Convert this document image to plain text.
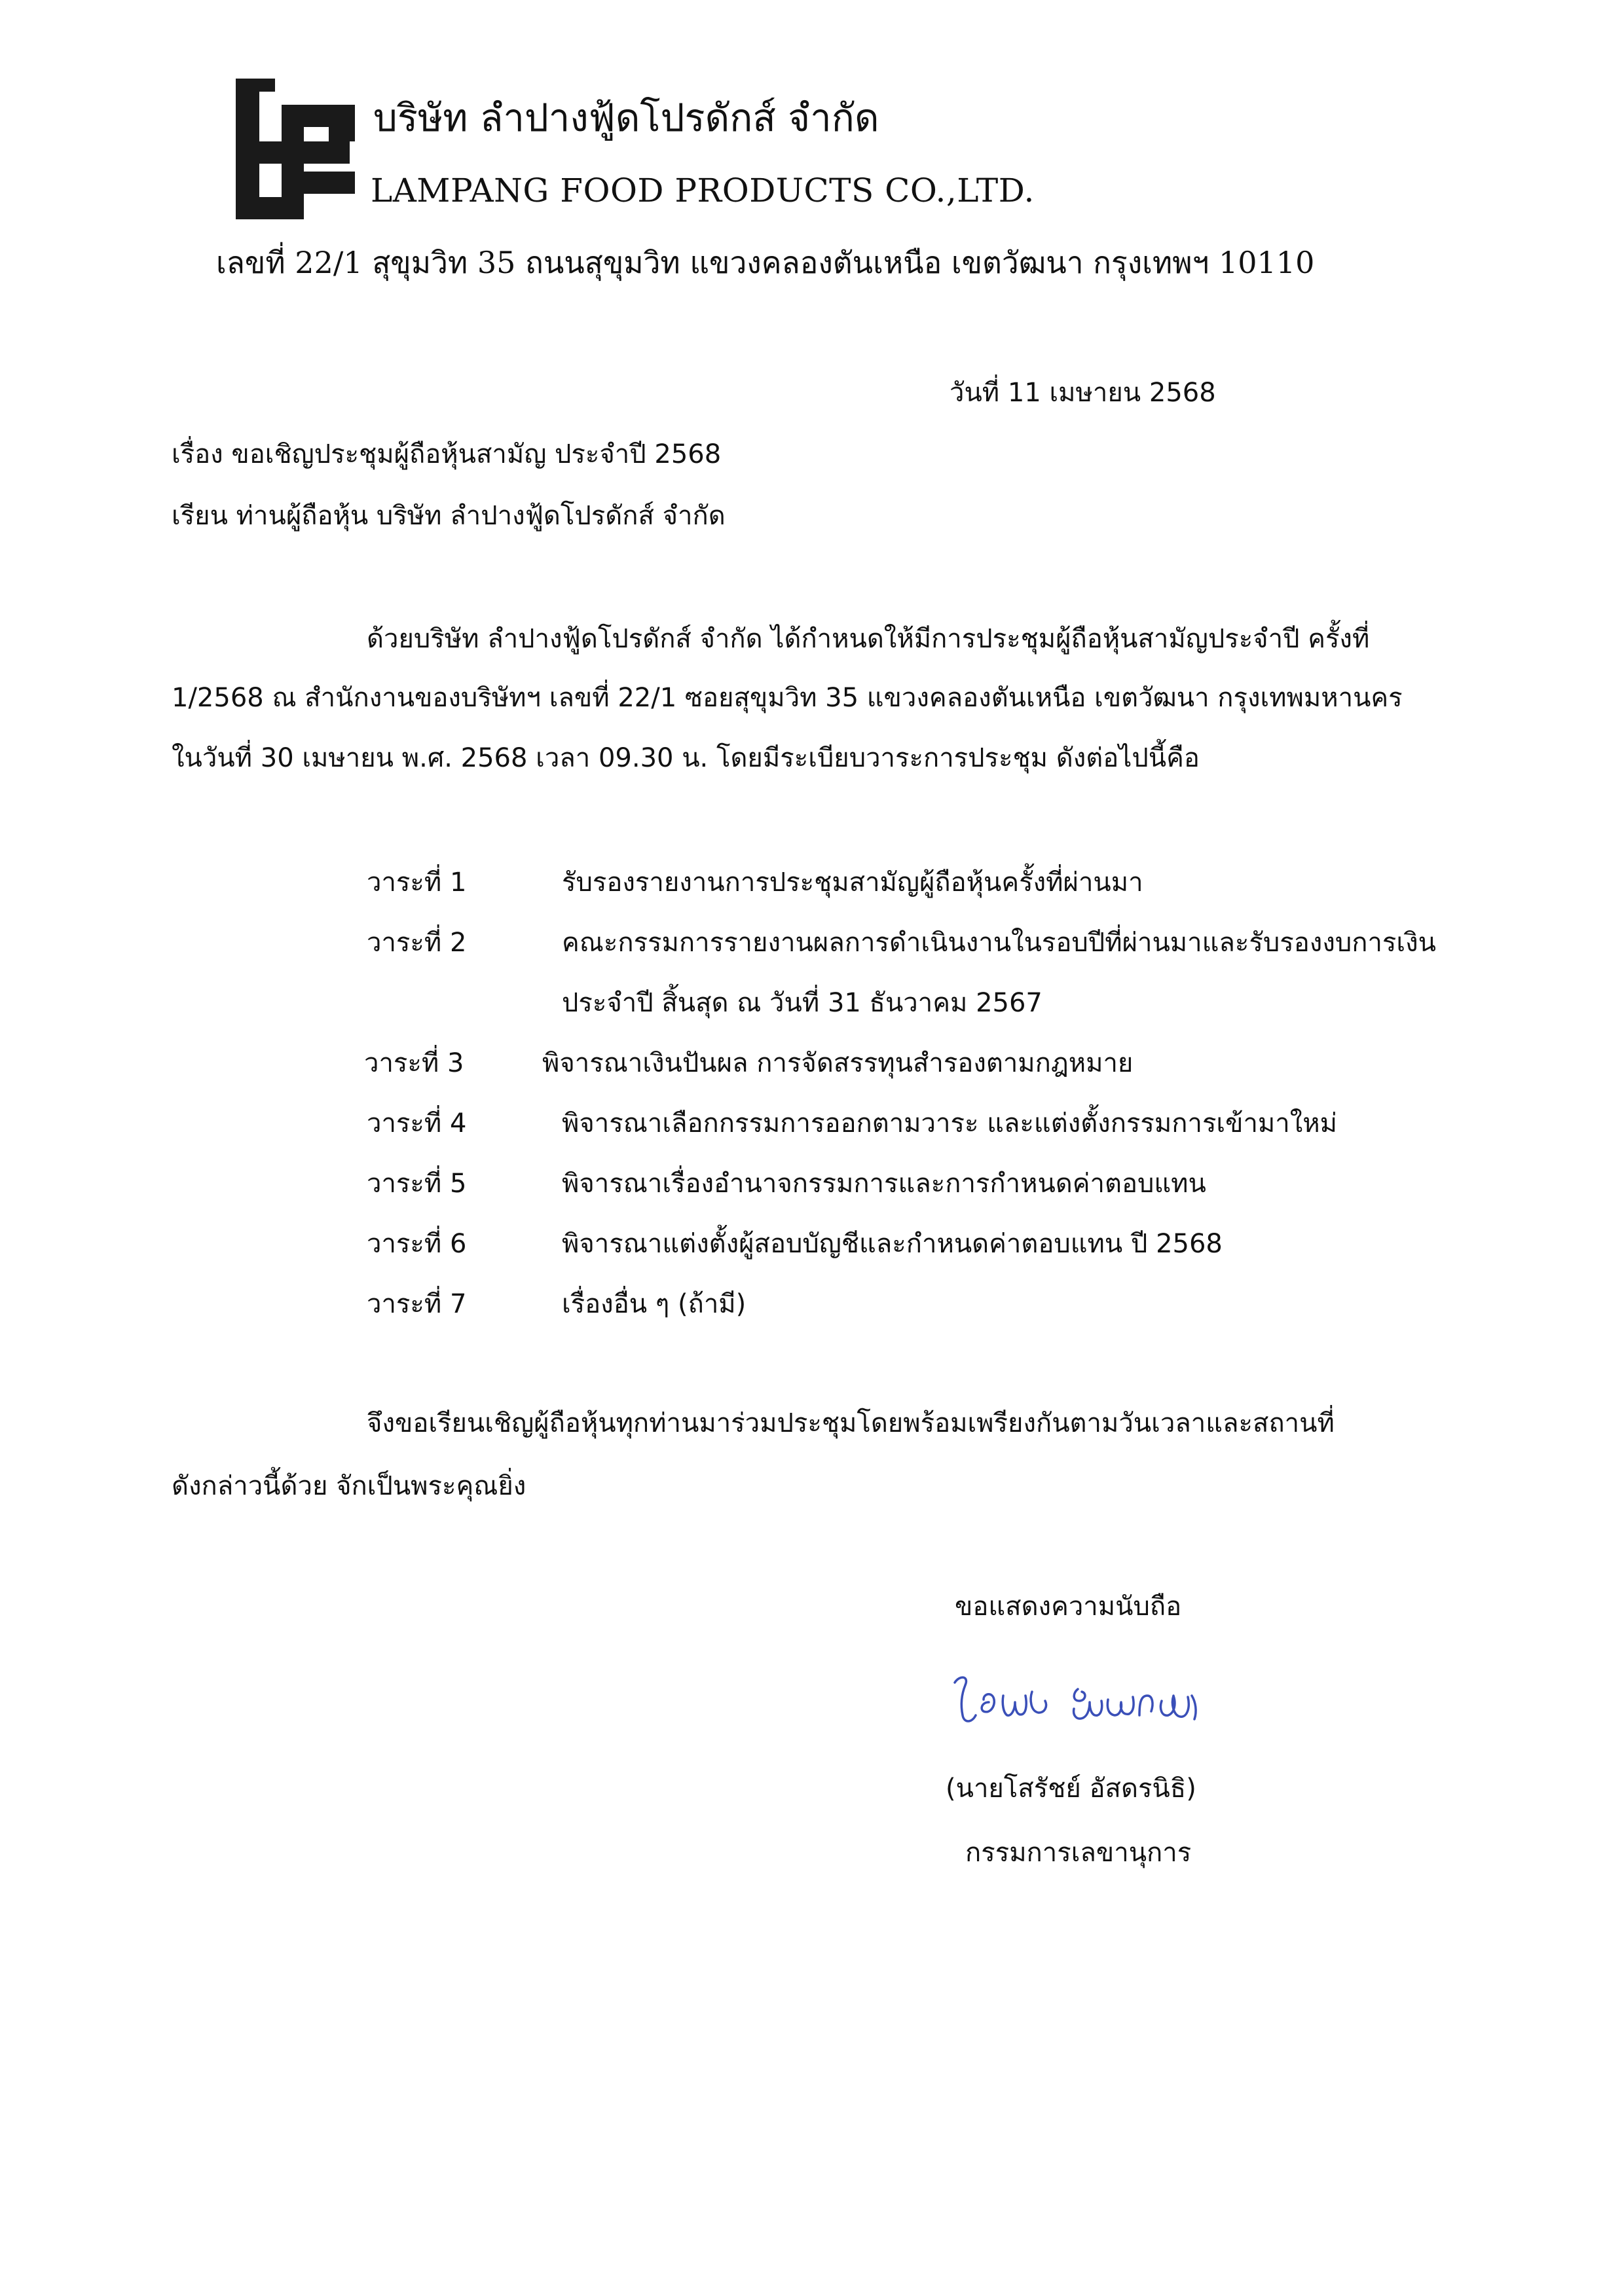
บริษัท ลำปางฟู้ดโปรดักส์ จำกัด
LAMPANG FOOD PRODUCTS CO.,LTD.
เลขที่ 22/1 สุขุมวิท 35 ถนนสุขุมวิท แขวงคลองตันเหนือ เขตวัฒนา กรุงเทพฯ 10110
วันที่ 11 เมษายน 2568
เรื่อง ขอเชิญประชุมผู้ถือหุ้นสามัญ ประจำปี 2568
เรียน ท่านผู้ถือหุ้น บริษัท ลำปางฟู้ดโปรดักส์ จำกัด
ด้วยบริษัท ลำปางฟู้ดโปรดักส์ จำกัด ได้กำหนดให้มีการประชุมผู้ถือหุ้นสามัญประจำปี ครั้งที่
1/2568 ณ สำนักงานของบริษัทฯ เลขที่ 22/1 ซอยสุขุมวิท 35 แขวงคลองตันเหนือ เขตวัฒนา กรุงเทพมหานคร
ในวันที่ 30 เมษายน พ.ศ. 2568 เวลา 09.30 น. โดยมีระเบียบวาระการประชุม ดังต่อไปนี้คือ
วาระที่ 1	รับรองรายงานการประชุมสามัญผู้ถือหุ้นครั้งที่ผ่านมา
วาระที่ 2	คณะกรรมการรายงานผลการดำเนินงานในรอบปีที่ผ่านมาและรับรองงบการเงิน
ประจำปี สิ้นสุด ณ วันที่ 31 ธันวาคม 2567
วาระที่ 3	พิจารณาเงินปันผล การจัดสรรทุนสำรองตามกฎหมาย
วาระที่ 4	พิจารณาเลือกกรรมการออกตามวาระ และแต่งตั้งกรรมการเข้ามาใหม่
วาระที่ 5	พิจารณาเรื่องอำนาจกรรมการและการกำหนดค่าตอบแทน
วาระที่ 6	พิจารณาแต่งตั้งผู้สอบบัญชีและกำหนดค่าตอบแทน ปี 2568
วาระที่ 7	เรื่องอื่น ๆ (ถ้ามี)
จึงขอเรียนเชิญผู้ถือหุ้นทุกท่านมาร่วมประชุมโดยพร้อมเพรียงกันตามวันเวลาและสถานที่
ดังกล่าวนี้ด้วย จักเป็นพระคุณยิ่ง
ขอแสดงความนับถือ
(นายโสรัชย์ อัสดรนิธิ)
กรรมการเลขานุการ
